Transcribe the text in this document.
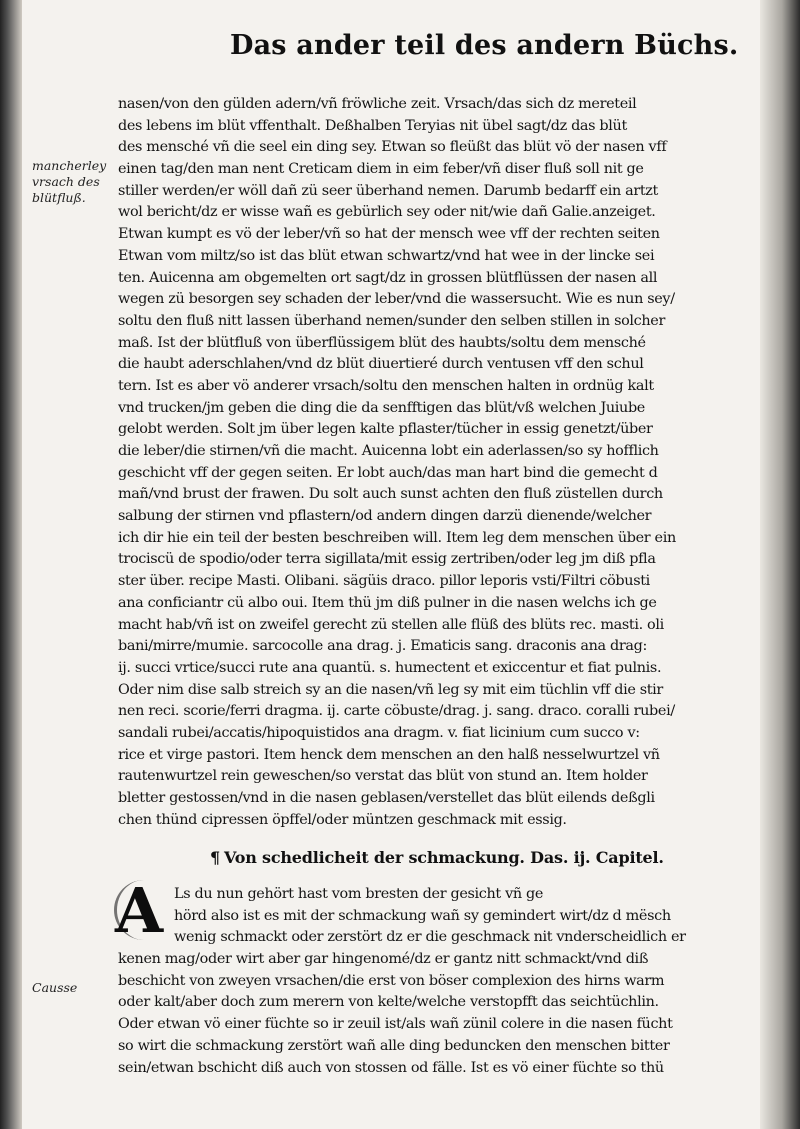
Das ander teil des andern Büchs.
mancherley vrsach des blütfluß.
Causse
nasen/von den gülden adern/vñ fröwliche zeit. Vrsach/das sich dz mereteil
des lebens im blüt vffenthalt. Deßhalben Teryias nit übel sagt/dz das blüt
des mensché vñ die seel ein ding sey. Etwan so fleüßt das blüt vö der nasen vff
einen tag/den man nent Creticam diem in eim feber/vñ diser fluß soll nit ge
stiller werden/er wöll dañ zü seer überhand nemen. Darumb bedarff ein artzt
wol bericht/dz er wisse wañ es gebürlich sey oder nit/wie dañ Galie.anzeiget.
Etwan kumpt es vö der leber/vñ so hat der mensch wee vff der rechten seiten
Etwan vom miltz/so ist das blüt etwan schwartz/vnd hat wee in der lincke sei
ten. Auicenna am obgemelten ort sagt/dz in grossen blütflüssen der nasen all
wegen zü besorgen sey schaden der leber/vnd die wassersucht. Wie es nun sey/
soltu den fluß nitt lassen überhand nemen/sunder den selben stillen in solcher
maß. Ist der blütfluß von überflüssigem blüt des haubts/soltu dem mensché
die haubt aderschlahen/vnd dz blüt diuertieré durch ventusen vff den schul
tern. Ist es aber vö anderer vrsach/soltu den menschen halten in ordnüg kalt
vnd trucken/jm geben die ding die da senfftigen das blüt/vß welchen Juiube
gelobt werden. Solt jm über legen kalte pflaster/tücher in essig genetzt/über
die leber/die stirnen/vñ die macht. Auicenna lobt ein aderlassen/so sy hofflich
geschicht vff der gegen seiten. Er lobt auch/das man hart bind die gemecht d
mañ/vnd brust der frawen. Du solt auch sunst achten den fluß züstellen durch
salbung der stirnen vnd pflastern/od andern dingen darzü dienende/welcher
ich dir hie ein teil der besten beschreiben will. Item leg dem menschen über ein
trociscü de spodio/oder terra sigillata/mit essig zertriben/oder leg jm diß pfla
ster über. recipe Masti. Olibani. sägüis draco. pillor leporis vsti/Filtri cöbusti
ana conficiantr cü albo oui. Item thü jm diß pulner in die nasen welchs ich ge
macht hab/vñ ist on zweifel gerecht zü stellen alle flüß des blüts rec. masti. oli
bani/mirre/mumie. sarcocolle ana drag. j. Ematicis sang. draconis ana drag:
ij. succi vrtice/succi rute ana quantü. s. humectent et exiccentur et fiat pulnis.
Oder nim dise salb streich sy an die nasen/vñ leg sy mit eim tüchlin vff die stir
nen reci. scorie/ferri dragma. ij. carte cöbuste/drag. j. sang. draco. coralli rubei/
sandali rubei/accatis/hipoquistidos ana dragm. v. fiat licinium cum succo v:
rice et virge pastori. Item henck dem menschen an den halß nesselwurtzel vñ
rautenwurtzel rein geweschen/so verstat das blüt von stund an. Item holder
bletter gestossen/vnd in die nasen geblasen/verstellet das blüt eilends deßgli
chen thünd cipressen öpffel/oder müntzen geschmack mit essig.
¶ Von schedlicheit der schmackung. Das. ij. Capitel.
A Ls du nun gehört hast vom bresten der gesicht vñ ge
hörd also ist es mit der schmackung wañ sy gemindert wirt/dz d mësch
wenig schmackt oder zerstört dz er die geschmack nit vnderscheidlich er
kenen mag/oder wirt aber gar hingenomé/dz er gantz nitt schmackt/vnd diß
beschicht von zweyen vrsachen/die erst von böser complexion des hirns warm
oder kalt/aber doch zum merern von kelte/welche verstopfft das seichtüchlin.
Oder etwan vö einer füchte so ir zeuil ist/als wañ zünil colere in die nasen fücht
so wirt die schmackung zerstört wañ alle ding beduncken den menschen bitter
sein/etwan bschicht diß auch von stossen od fälle. Ist es vö einer füchte so thü
